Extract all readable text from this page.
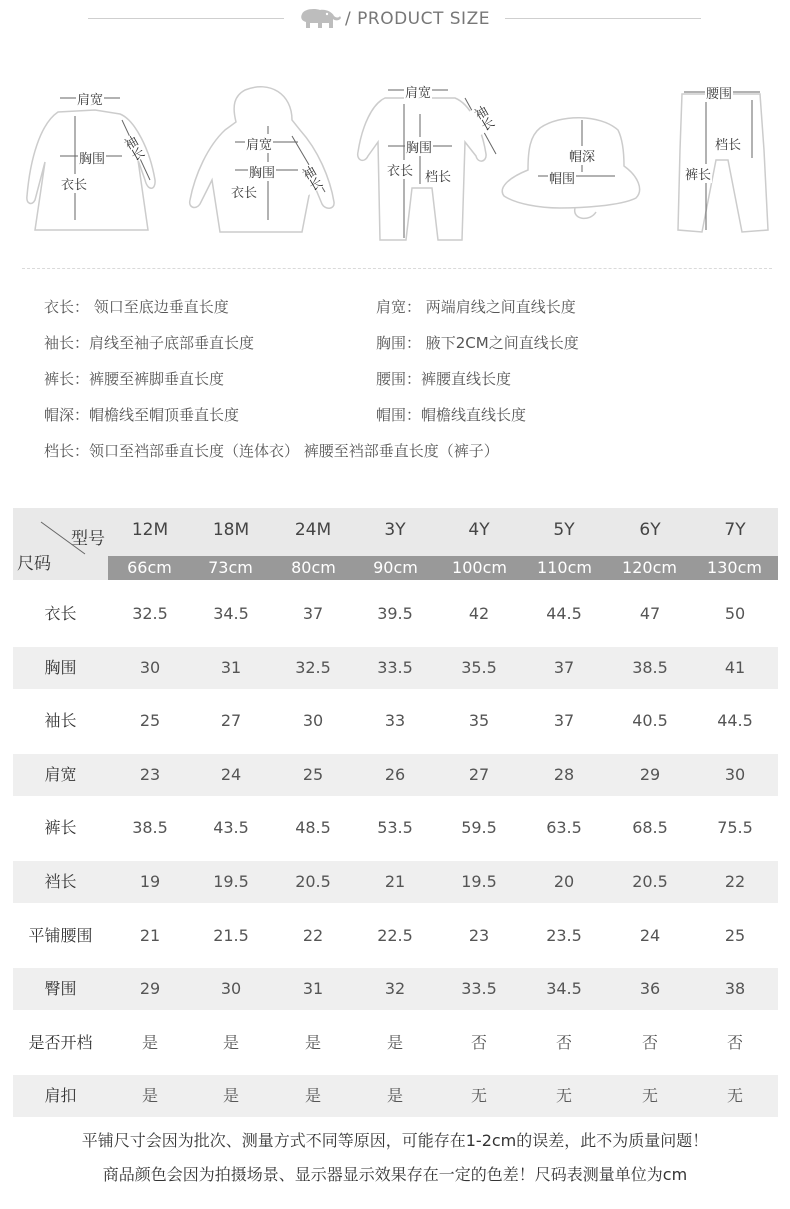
/ PRODUCT SIZE
肩宽
胸围
衣长
袖长	肩宽
胸围
衣长	袖长
肩宽
胸围
衣长 档长
袖长
帽深
帽围
腰围
档长
裤长
衣长： 领口至底边垂直长度	肩宽： 两端肩线之间直线长度
袖长：肩线至袖子底部垂直长度	胸围： 腋下2CM之间直线长度
裤长：裤腰至裤脚垂直长度	腰围：裤腰直线长度
帽深：帽檐线至帽顶垂直长度	帽围：帽檐线直线长度
档长：领口至裆部垂直长度（连体衣） 裤腰至裆部垂直长度（裤子）
型号
尺码
12M	18M	24M	3Y	4Y	5Y	6Y	7Y
66cm	73cm	80cm	90cm	100cm	110cm	120cm	130cm
衣长	32.5	34.5	37	39.5	42	44.5	47	50
胸围	30	31	32.5	33.5	35.5	37	38.5	41
袖长	25	27	30	33	35	37	40.5	44.5
肩宽	23	24	25	26	27	28	29	30
裤长	38.5	43.5	48.5	53.5	59.5	63.5	68.5	75.5
裆长	19	19.5	20.5	21	19.5	20	20.5	22
平铺腰围	21	21.5	22	22.5	23	23.5	24	25
臀围	29	30	31	32	33.5	34.5	36	38
是否开档	是	是	是	是	否	否	否	否
肩扣	是	是	是	是	无	无	无	无
平铺尺寸会因为批次、测量方式不同等原因，可能存在1-2cm的误差，此不为质量问题！
商品颜色会因为拍摄场景、显示器显示效果存在一定的色差！尺码表测量单位为cm
